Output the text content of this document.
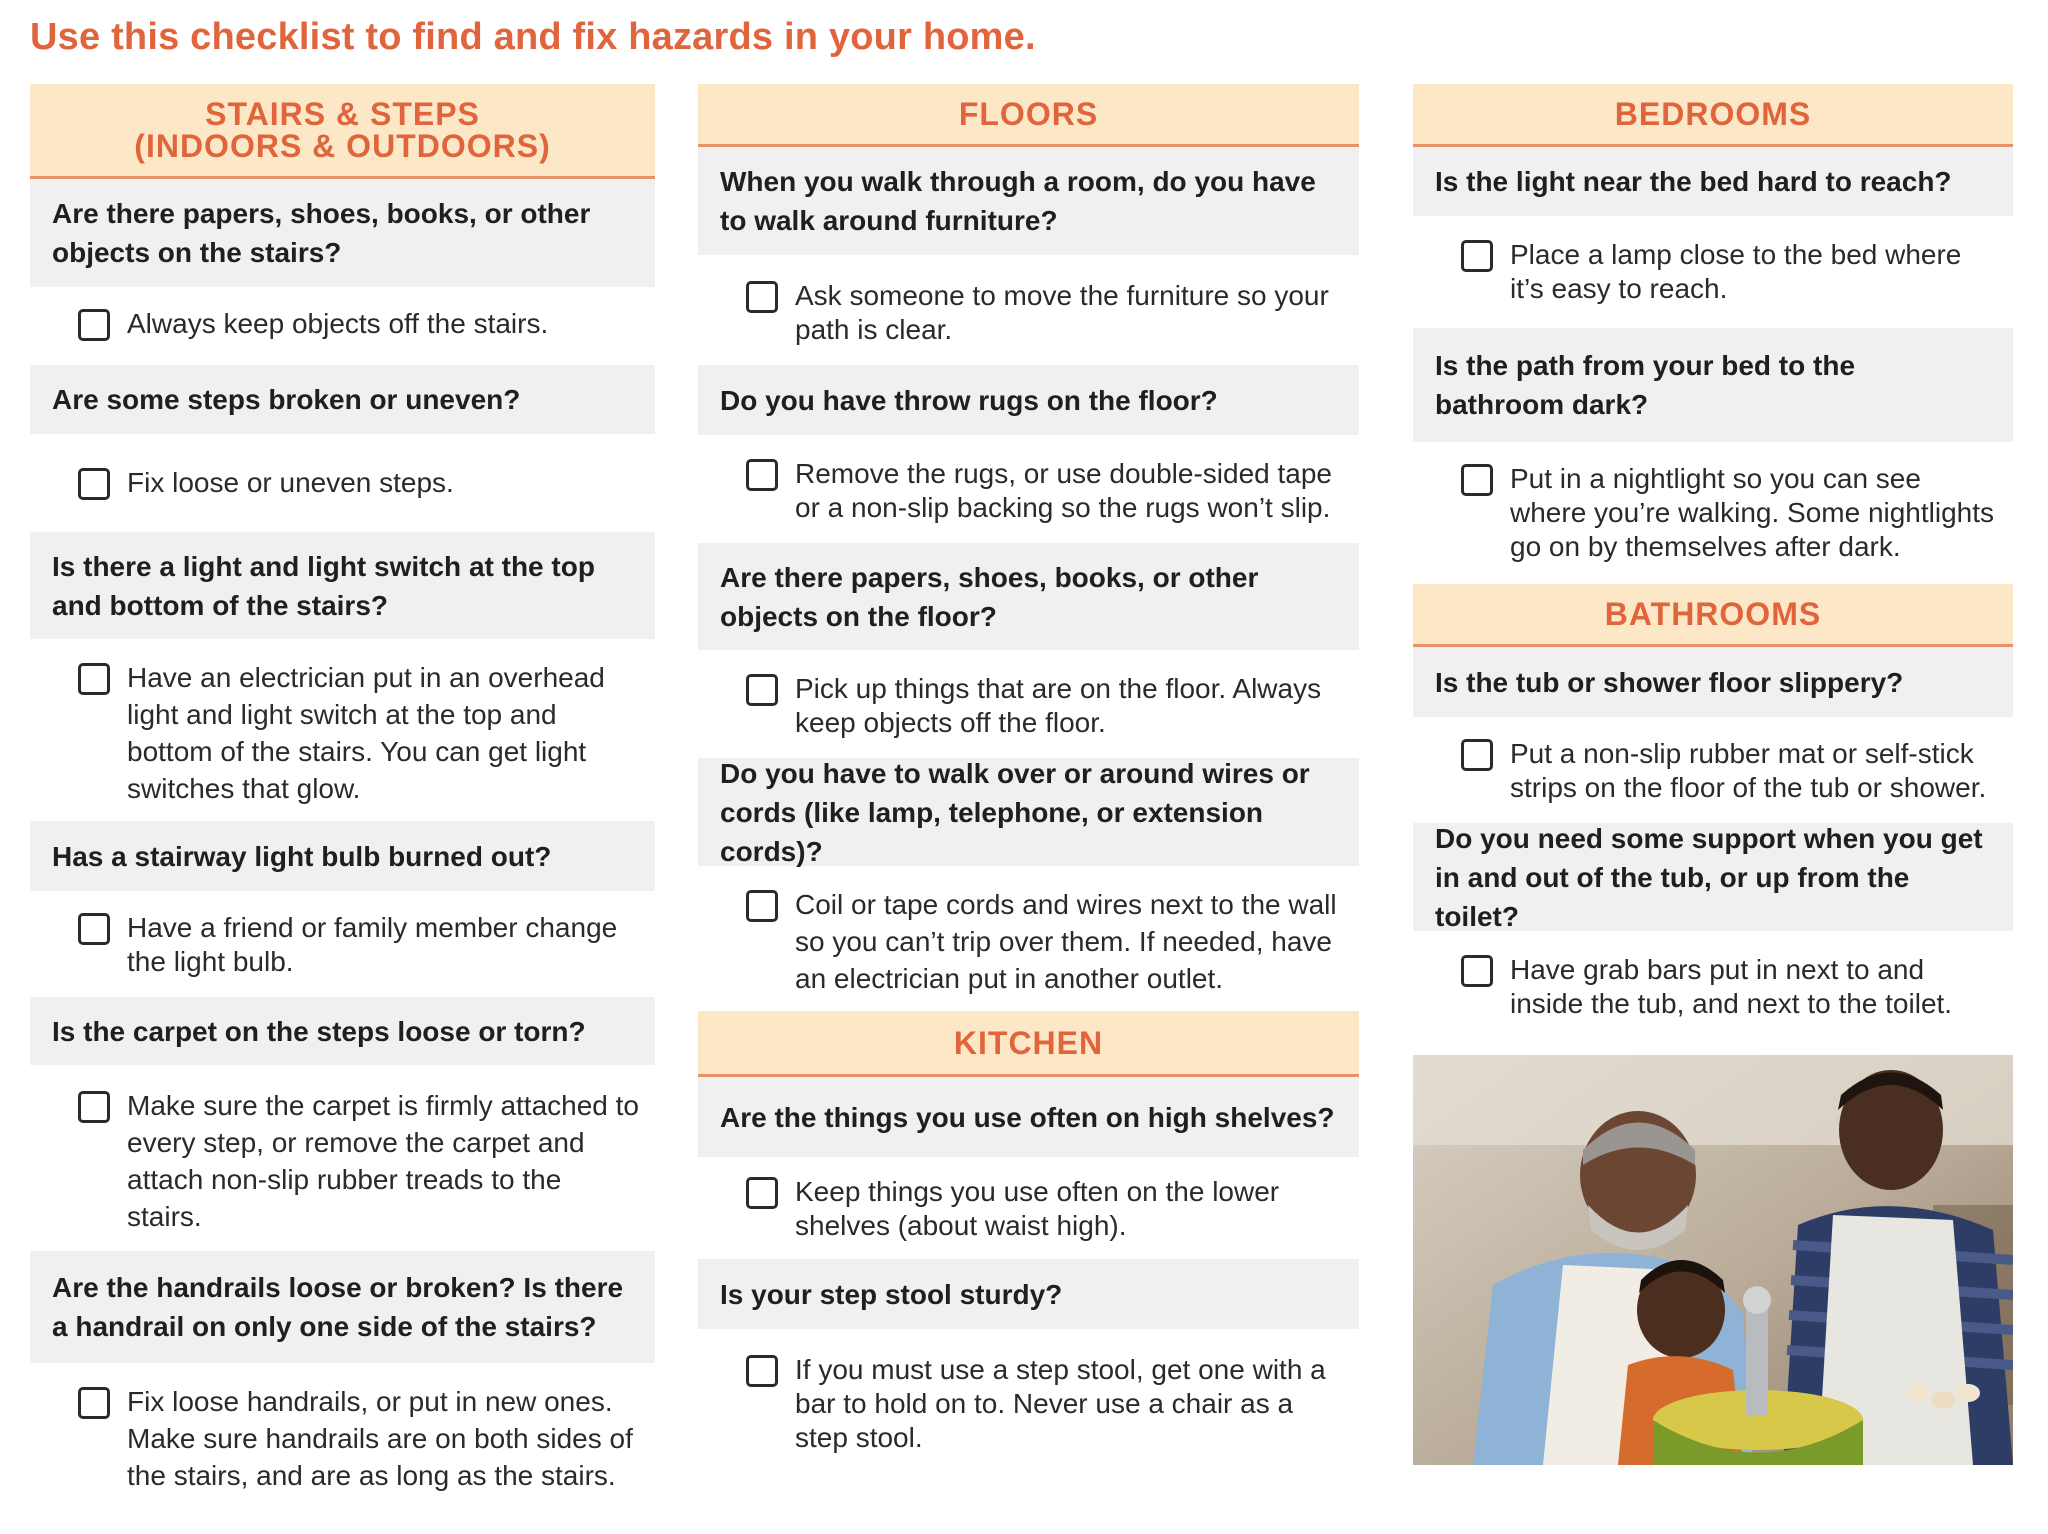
Use this checklist to find and fix hazards in your home.
STAIRS & STEPS
(INDOORS & OUTDOORS)
Are there papers, shoes, books, or other objects on the stairs?
Always keep objects off the stairs.
Are some steps broken or uneven?
Fix loose or uneven steps.
Is there a light and light switch at the top and bottom of the stairs?
Have an electrician put in an overhead light and light switch at the top and bottom of the stairs. You can get light switches that glow.
Has a stairway light bulb burned out?
Have a friend or family member change the light bulb.
Is the carpet on the steps loose or torn?
Make sure the carpet is firmly attached to every step, or remove the carpet and attach non-slip rubber treads to the stairs.
Are the handrails loose or broken? Is there a handrail on only one side of the stairs?
Fix loose handrails, or put in new ones. Make sure handrails are on both sides of the stairs, and are as long as the stairs.
FLOORS
When you walk through a room, do you have to walk around furniture?
Ask someone to move the furniture so your path is clear.
Do you have throw rugs on the floor?
Remove the rugs, or use double-sided tape or a non-slip backing so the rugs won’t slip.
Are there papers, shoes, books, or other objects on the floor?
Pick up things that are on the floor. Always keep objects off the floor.
Do you have to walk over or around wires or cords (like lamp, telephone, or extension cords)?
Coil or tape cords and wires next to the wall so you can’t trip over them. If needed, have an electrician put in another outlet.
KITCHEN
Are the things you use often on high shelves?
Keep things you use often on the lower shelves (about waist high).
Is your step stool sturdy?
If you must use a step stool, get one with a bar to hold on to. Never use a chair as a step stool.
BEDROOMS
Is the light near the bed hard to reach?
Place a lamp close to the bed where it’s easy to reach.
Is the path from your bed to the bathroom dark?
Put in a nightlight so you can see where you’re walking. Some nightlights go on by themselves after dark.
BATHROOMS
Is the tub or shower floor slippery?
Put a non-slip rubber mat or self-stick strips on the floor of the tub or shower.
Do you need some support when you get in and out of the tub, or up from the toilet?
Have grab bars put in next to and inside the tub, and next to the toilet.
